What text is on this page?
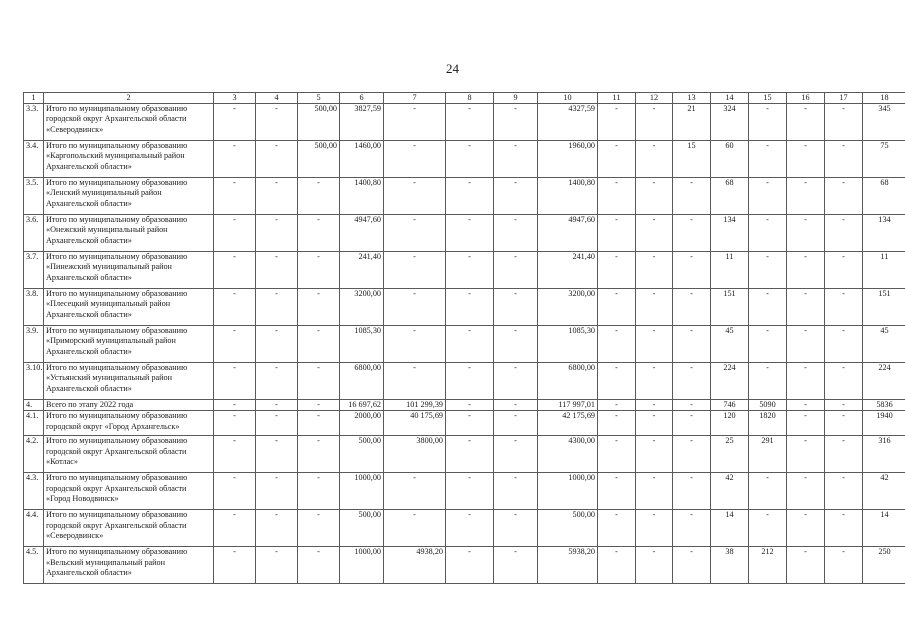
24
1	2	3	4	5	6	7	8	9	10	11	12	13	14	15	16	17	18
3.3.	Итого по муниципальному образованию городской округ Архангельской области «Северодвинск»	-	-	500,00	3827,59	-	-	-	4327,59	-	-	21	324	-	-	-	345
3.4.	Итого по муниципальному образованию «Каргопольский муниципальный район Архангельской области»	-	-	500,00	1460,00	-	-	-	1960,00	-	-	15	60	-	-	-	75
3.5.	Итого по муниципальному образованию «Ленский муниципальный район Архангельской области»	-	-	-	1400,80	-	-	-	1400,80	-	-	-	68	-	-	-	68
3.6.	Итого по муниципальному образованию «Онежский муниципальный район Архангельской области»	-	-	-	4947,60	-	-	-	4947,60	-	-	-	134	-	-	-	134
3.7.	Итого по муниципальному образованию «Пинежский муниципальный район Архангельской области»	-	-	-	241,40	-	-	-	241,40	-	-	-	11	-	-	-	11
3.8.	Итого по муниципальному образованию «Плесецкий муниципальный район Архангельской области»	-	-	-	3200,00	-	-	-	3200,00	-	-	-	151	-	-	-	151
3.9.	Итого по муниципальному образованию «Приморский муниципальный район Архангельской области»	-	-	-	1085,30	-	-	-	1085,30	-	-	-	45	-	-	-	45
3.10.	Итого по муниципальному образованию «Устьянский муниципальный район Архангельской области»	-	-	-	6800,00	-	-	-	6800,00	-	-	-	224	-	-	-	224
4.	Всего по этапу 2022 года	-	-	-	16 697,62	101 299,39	-	-	117 997,01	-	-	-	746	5090	-	-	5836
4.1.	Итого по муниципальному образованию городской округ «Город Архангельск»	-	-	-	2000,00	40 175,69	-	-	42 175,69	-	-	-	120	1820	-	-	1940
4.2.	Итого по муниципальному образованию городской округ Архангельской области «Котлас»	-	-	-	500,00	3800,00	-	-	4300,00	-	-	-	25	291	-	-	316
4.3.	Итого по муниципальному образованию городской округ Архангельской области «Город Новодвинск»	-	-	-	1000,00	-	-	-	1000,00	-	-	-	42	-	-	-	42
4.4.	Итого по муниципальному образованию городской округ Архангельской области «Северодвинск»	-	-	-	500,00	-	-	-	500,00	-	-	-	14	-	-	-	14
4.5.	Итого по муниципальному образованию «Вельский муниципальный район Архангельской области»	-	-	-	1000,00	4938,20	-	-	5938,20	-	-	-	38	212	-	-	250
